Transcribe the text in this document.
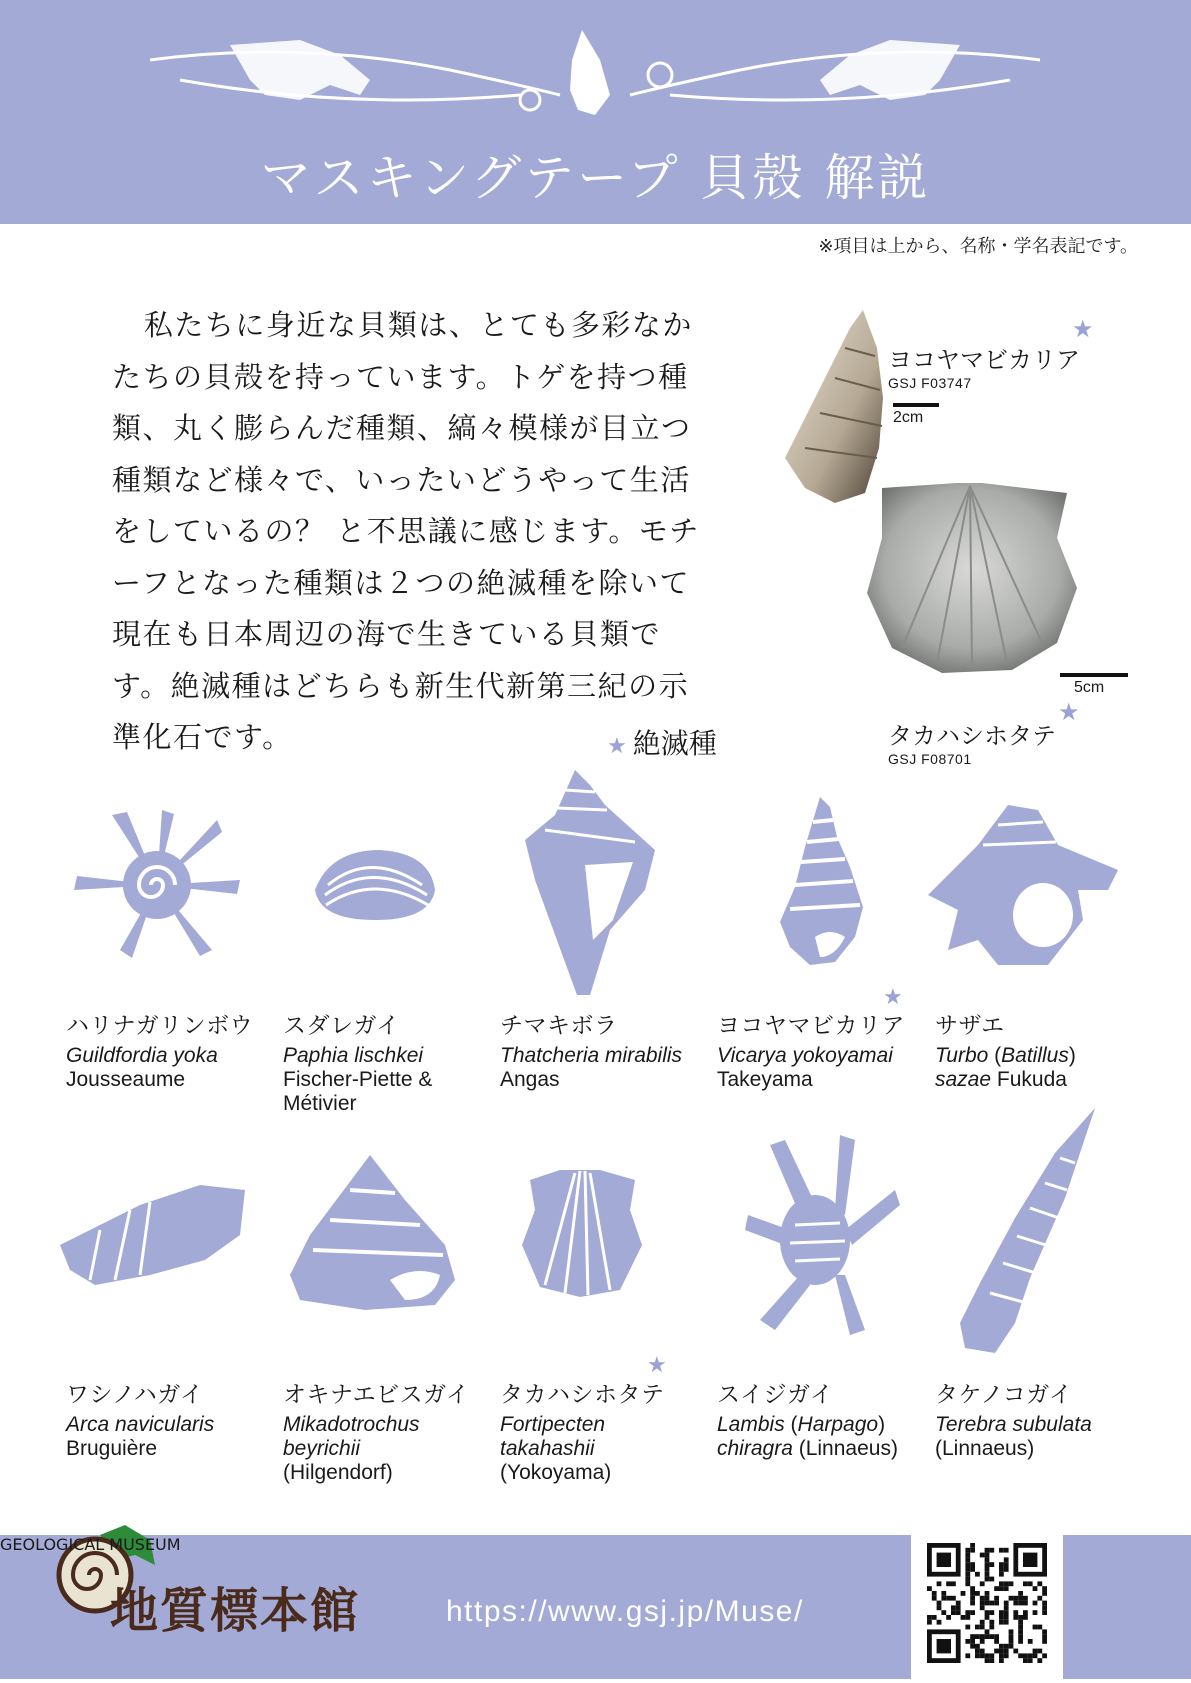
マスキングテープ 貝殻 解説
※項目は上から、名称・学名表記です。
私たちに身近な貝類は、とても多彩なかたちの貝殻を持っています。トゲを持つ種類、丸く膨らんだ種類、縞々模様が目立つ種類など様々で、いったいどうやって生活をしているの？ と不思議に感じます。モチーフとなった種類は２つの絶滅種を除いて現在も日本周辺の海で生きている貝類です。絶滅種はどちらも新生代新第三紀の示準化石です。	★ 絶滅種
ヨコヤマビカリア
GSJ F03747
★
2cm
5cm
タカハシホタテ
GSJ F08701
★
ハリナガリンボウ
Guildfordia yoka
Jousseaume
スダレガイ
Paphia lischkei
Fischer-Piette & Métivier
チマキボラ
Thatcheria mirabilis Angas
★
ヨコヤマビカリア
Vicarya yokoyamai
Takeyama
サザエ
Turbo (Batillus)
sazae Fukuda
ワシノハガイ
Arca navicularis
Bruguière
オキナエビスガイ
Mikadotrochus beyrichii
(Hilgendorf)
★
タカハシホタテ
Fortipecten takahashii
(Yokoyama)
スイジガイ
Lambis (Harpago)
chiragra (Linnaeus)
タケノコガイ
Terebra subulata
(Linnaeus)
GEOLOGICAL MUSEUM
地質標本館	https://www.gsj.jp/Muse/
